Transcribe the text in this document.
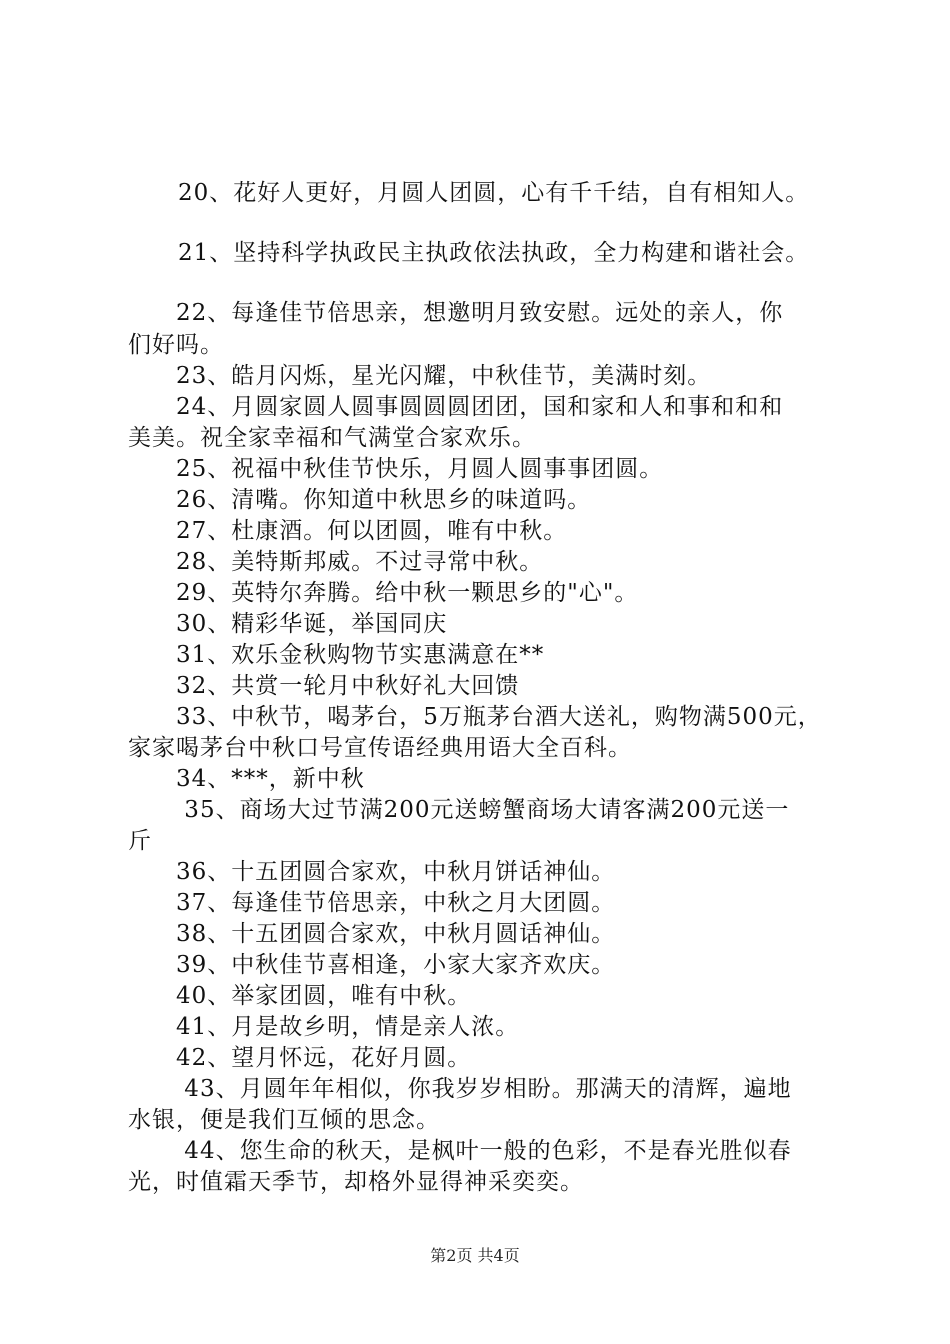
20、花好人更好，月圆人团圆，心有千千结，自有相知人。
21、坚持科学执政民主执政依法执政，全力构建和谐社会。
　　22、每逢佳节倍思亲，想邀明月致安慰。远处的亲人，你
们好吗。
　　23、皓月闪烁，星光闪耀，中秋佳节，美满时刻。
　　24、月圆家圆人圆事圆圆圆团团，国和家和人和事和和和
美美。祝全家幸福和气满堂合家欢乐。
　　25、祝福中秋佳节快乐，月圆人圆事事团圆。
　　26、清嘴。你知道中秋思乡的味道吗。
　　27、杜康酒。何以团圆，唯有中秋。
　　28、美特斯邦威。不过寻常中秋。
　　29、英特尔奔腾。给中秋一颗思乡的"心"。
　　30、精彩华诞，举国同庆
　　31、欢乐金秋购物节实惠满意在**
　　32、共赏一轮月中秋好礼大回馈
　　33、中秋节，喝茅台，5万瓶茅台酒大送礼，购物满500元，
家家喝茅台中秋口号宣传语经典用语大全百科。
　　34、***，新中秋
　　 35、商场大过节满200元送螃蟹商场大请客满200元送一
斤
　　36、十五团圆合家欢，中秋月饼话神仙。
　　37、每逢佳节倍思亲，中秋之月大团圆。
　　38、十五团圆合家欢，中秋月圆话神仙。
　　39、中秋佳节喜相逢，小家大家齐欢庆。
　　40、举家团圆，唯有中秋。
　　41、月是故乡明，情是亲人浓。
　　42、望月怀远，花好月圆。
　　 43、月圆年年相似，你我岁岁相盼。那满天的清辉，遍地
水银，便是我们互倾的思念。
　　 44、您生命的秋天，是枫叶一般的色彩，不是春光胜似春
光，时值霜天季节，却格外显得神采奕奕。
第2页 共4页
